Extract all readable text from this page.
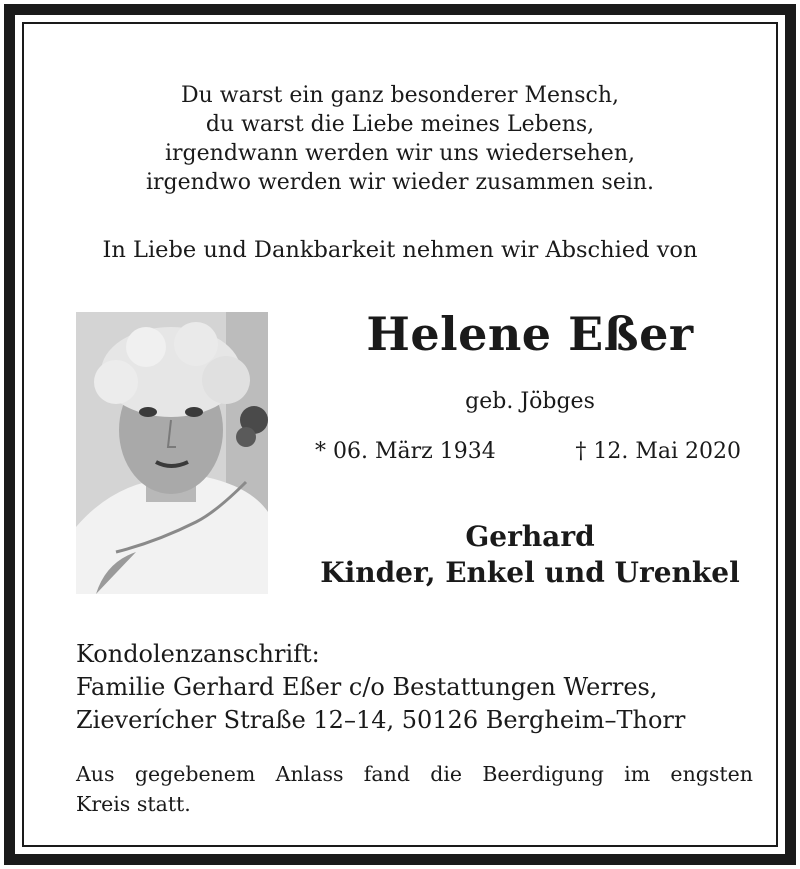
Du warst ein ganz besonderer Mensch,
du warst die Liebe meines Lebens,
irgendwann werden wir uns wiedersehen,
irgendwo werden wir wieder zusammen sein.
In Liebe und Dankbarkeit nehmen wir Abschied von
Helene Eßer
geb. Jöbges
* 06. März 1934	† 12. Mai 2020
Gerhard
Kinder, Enkel und Urenkel
Kondolenzanschrift:
Familie Gerhard Eßer c/o Bestattungen Werres,
Zieverícher Straße 12–14, 50126 Bergheim–Thorr
Aus gegebenem Anlass fand die Beerdigung im engsten
Kreis statt.
